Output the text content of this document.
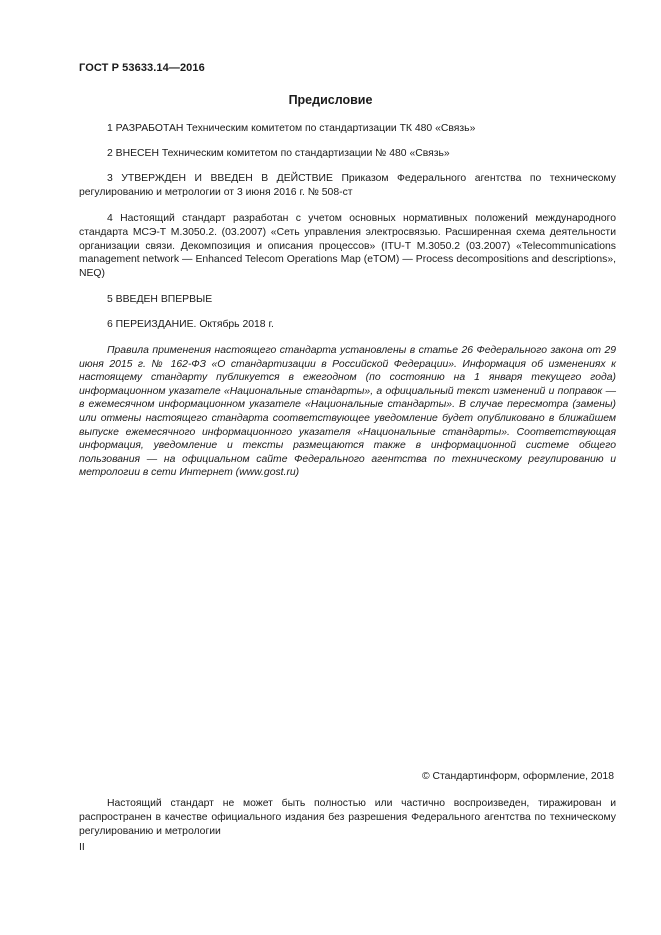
ГОСТ Р 53633.14—2016
Предисловие
1 РАЗРАБОТАН Техническим комитетом по стандартизации ТК 480 «Связь»
2 ВНЕСЕН Техническим комитетом по стандартизации № 480 «Связь»
3 УТВЕРЖДЕН И ВВЕДЕН В ДЕЙСТВИЕ Приказом Федерального агентства по техническому регулированию и метрологии от 3 июня 2016 г. № 508-ст
4 Настоящий стандарт разработан с учетом основных нормативных положений международного стандарта МСЭ-Т М.3050.2. (03.2007) «Сеть управления электросвязью. Расширенная схема деятельности организации связи. Декомпозиция и описания процессов» (ITU-T M.3050.2 (03.2007) «Telecommunications management network — Enhanced Telecom Operations Map (eTOM) — Process decompositions and descriptions», NEQ)
5 ВВЕДЕН ВПЕРВЫЕ
6 ПЕРЕИЗДАНИЕ. Октябрь 2018 г.
Правила применения настоящего стандарта установлены в статье 26 Федерального закона от 29 июня 2015 г. № 162-ФЗ «О стандартизации в Российской Федерации». Информация об изменениях к настоящему стандарту публикуется в ежегодном (по состоянию на 1 января текущего года) информационном указателе «Национальные стандарты», а официальный текст изменений и поправок — в ежемесячном информационном указателе «Национальные стандарты». В случае пересмотра (замены) или отмены настоящего стандарта соответствующее уведомление будет опубликовано в ближайшем выпуске ежемесячного информационного указателя «Национальные стандарты». Соответствующая информация, уведомление и тексты размещаются также в информационной системе общего пользования — на официальном сайте Федерального агентства по техническому регулированию и метрологии в сети Интернет (www.gost.ru)
© Стандартинформ, оформление, 2018
Настоящий стандарт не может быть полностью или частично воспроизведен, тиражирован и распространен в качестве официального издания без разрешения Федерального агентства по техническому регулированию и метрологии
II
